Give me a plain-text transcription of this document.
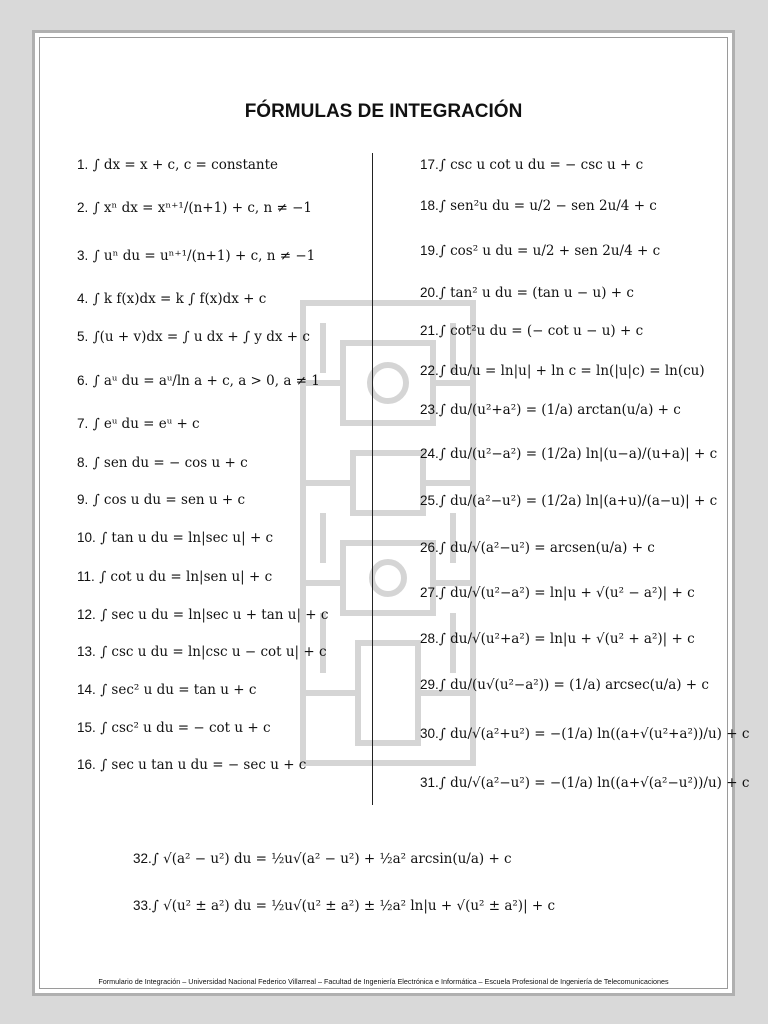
FÓRMULAS DE INTEGRACIÓN
1. ∫ dx = x + c, c = constante
2. ∫ xⁿ dx = xⁿ⁺¹/(n+1) + c, n ≠ −1
3. ∫ uⁿ du = uⁿ⁺¹/(n+1) + c, n ≠ −1
4. ∫ k f(x)dx = k ∫ f(x)dx + c
5. ∫(u + v)dx = ∫ u dx + ∫ y dx + c
6. ∫ aᵘ du = aᵘ/ln a + c, a > 0, a ≠ 1
7. ∫ eᵘ du = eᵘ + c
8. ∫ sen du = − cos u + c
9. ∫ cos u du = sen u + c
10. ∫ tan u du = ln|sec u| + c
11. ∫ cot u du = ln|sen u| + c
12. ∫ sec u du = ln|sec u + tan u| + c
13. ∫ csc u du = ln|csc u − cot u| + c
14. ∫ sec² u du = tan u + c
15. ∫ csc² u du = − cot u + c
16. ∫ sec u tan u du = − sec u + c
17.∫ csc u cot u du = − csc u + c
18.∫ sen²u du = u/2 − sen 2u/4 + c
19.∫ cos² u du = u/2 + sen 2u/4 + c
20.∫ tan² u du = (tan u − u) + c
21.∫ cot²u du = (− cot u − u) + c
22.∫ du/u = ln|u| + ln c = ln(|u|c) = ln(cu)
23.∫ du/(u²+a²) = (1/a) arctan(u/a) + c
24.∫ du/(u²−a²) = (1/2a) ln|(u−a)/(u+a)| + c
25.∫ du/(a²−u²) = (1/2a) ln|(a+u)/(a−u)| + c
26.∫ du/√(a²−u²) = arcsen(u/a) + c
27.∫ du/√(u²−a²) = ln|u + √(u² − a²)| + c
28.∫ du/√(u²+a²) = ln|u + √(u² + a²)| + c
29.∫ du/(u√(u²−a²)) = (1/a) arcsec(u/a) + c
30.∫ du/√(a²+u²) = −(1/a) ln((a+√(u²+a²))/u) + c
31.∫ du/√(a²−u²) = −(1/a) ln((a+√(a²−u²))/u) + c
32.∫ √(a² − u²) du = ½u√(a² − u²) + ½a² arcsin(u/a) + c
33.∫ √(u² ± a²) du = ½u√(u² ± a²) ± ½a² ln|u + √(u² ± a²)| + c
Formulario de Integración – Universidad Nacional Federico Villarreal – Facultad de Ingeniería Electrónica e Informática – Escuela Profesional de Ingeniería de Telecomunicaciones
